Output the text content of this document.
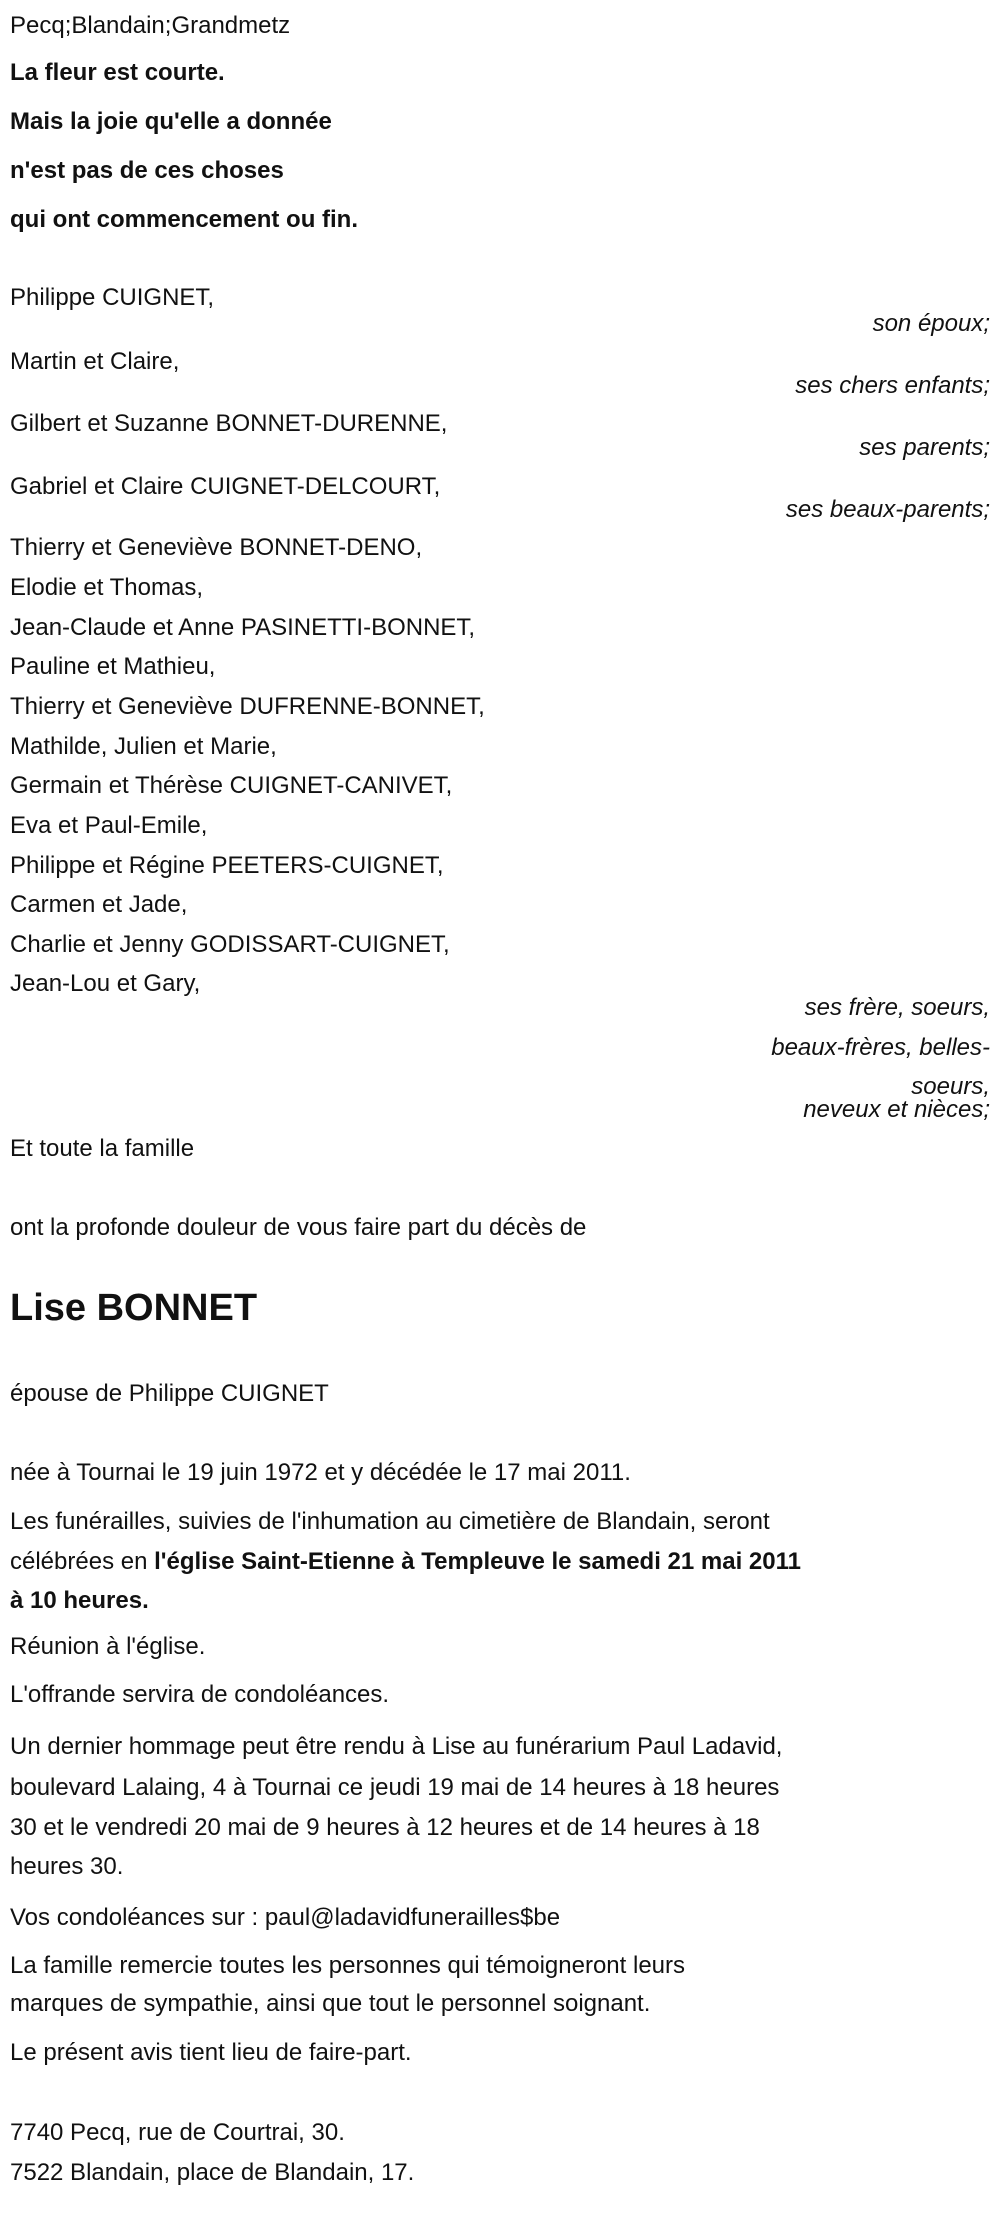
Pecq;Blandain;Grandmetz
La fleur est courte.
Mais la joie qu'elle a donnée
n'est pas de ces choses
qui ont commencement ou fin.
Philippe CUIGNET,
son époux;
Martin et Claire,
ses chers enfants;
Gilbert et Suzanne BONNET-DURENNE,
ses parents;
Gabriel et Claire CUIGNET-DELCOURT,
ses beaux-parents;
Thierry et Geneviève BONNET-DENO,
Elodie et Thomas,
Jean-Claude et Anne PASINETTI-BONNET,
Pauline et Mathieu,
Thierry et Geneviève DUFRENNE-BONNET,
Mathilde, Julien et Marie,
Germain et Thérèse CUIGNET-CANIVET,
Eva et Paul-Emile,
Philippe et Régine PEETERS-CUIGNET,
Carmen et Jade,
Charlie et Jenny GODISSART-CUIGNET,
Jean-Lou et Gary,
ses frère, soeurs,
beaux-frères, belles-
soeurs,
neveux et nièces;
Et toute la famille
ont la profonde douleur de vous faire part du décès de
Lise BONNET
épouse de Philippe CUIGNET
née à Tournai le 19 juin 1972 et y décédée le 17 mai 2011.
Les funérailles, suivies de l'inhumation au cimetière de Blandain, seront
célébrées en l'église Saint-Etienne à Templeuve le samedi 21 mai 2011
à 10 heures.
Réunion à l'église.
L'offrande servira de condoléances.
Un dernier hommage peut être rendu à Lise au funérarium Paul Ladavid,
boulevard Lalaing, 4 à Tournai ce jeudi 19 mai de 14 heures à 18 heures
30 et le vendredi 20 mai de 9 heures à 12 heures et de 14 heures à 18
heures 30.
Vos condoléances sur : paul@ladavidfunerailles$be
La famille remercie toutes les personnes qui témoigneront leurs
marques de sympathie, ainsi que tout le personnel soignant.
Le présent avis tient lieu de faire-part.
7740 Pecq, rue de Courtrai, 30.
7522 Blandain, place de Blandain, 17.
